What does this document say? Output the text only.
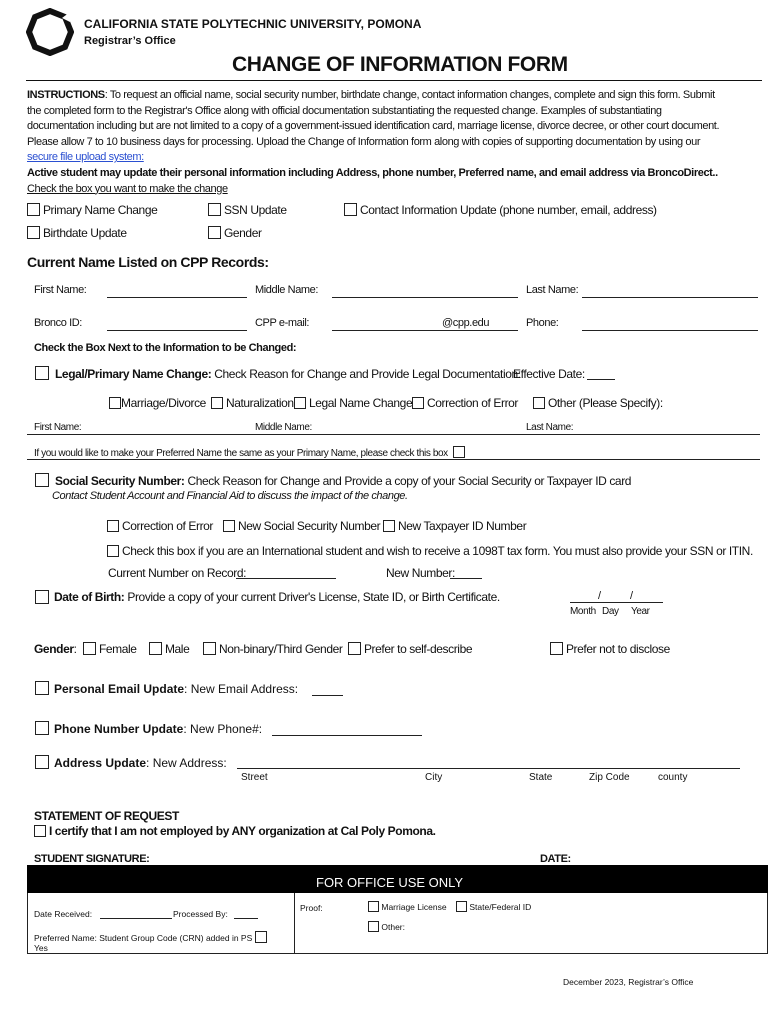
CALIFORNIA STATE POLYTECHNIC UNIVERSITY, POMONA
Registrar’s Office
CHANGE OF INFORMATION FORM
INSTRUCTIONS: To request an official name, social security number, birthdate change, contact information changes, complete and sign this form. Submit
the completed form to the Registrar's Office along with official documentation substantiating the requested change. Examples of substantiating
documentation including but are not limited to a copy of a government-issued identification card, marriage license, divorce decree, or other court document.
Please allow 7 to 10 business days for processing. Upload the Change of Information form along with copies of supporting documentation by using our
secure file upload system:
Active student may update their personal information including Address, phone number, Preferred name, and email address via BroncoDirect..
Check the box you want to make the change
Primary Name Change	SSN Update	Contact Information Update (phone number, email, address)
Birthdate Update	Gender
Current Name Listed on CPP Records:
First Name:	Middle Name:	Last Name:
Bronco ID:	CPP e-mail:	@cpp.edu	Phone:
Check the Box Next to the Information to be Changed:
Legal/Primary Name Change: Check Reason for Change and Provide Legal Documentation:
Effective Date:
Marriage/Divorce	Naturalization	Legal Name Change	Correction of Error	Other (Please Specify):
First Name:	Middle Name:	Last Name:
If you would like to make your Preferred Name the same as your Primary Name, please check this box
Social Security Number: Check Reason for Change and Provide a copy of your Social Security or Taxpayer ID card
Contact Student Account and Financial Aid to discuss the impact of the change.
Correction of Error	New Social Security Number	New Taxpayer ID Number
Check this box if you are an International student and wish to receive a 1098T tax form. You must also provide your SSN or ITIN.
Current Number on Record:	New Number:
Date of Birth: Provide a copy of your current Driver's License, State ID, or Birth Certificate.	/	/
Month Day Year
Gender:	Female	Male	Non-binary/Third Gender	Prefer to self-describe	Prefer not to disclose
Personal Email Update: New Email Address:
Phone Number Update: New Phone#:
Address Update: New Address:
Street	City	State	Zip Code	county
STATEMENT OF REQUEST
I certify that I am not employed by ANY organization at Cal Poly Pomona.
STUDENT SIGNATURE:	DATE:
FOR OFFICE USE ONLY
Date Received:	Processed By:
Preferred Name: Student Group Code (CRN) added in PS
Yes
Proof:	Marriage License	State/Federal ID
Other:
December 2023, Registrar’s Office
